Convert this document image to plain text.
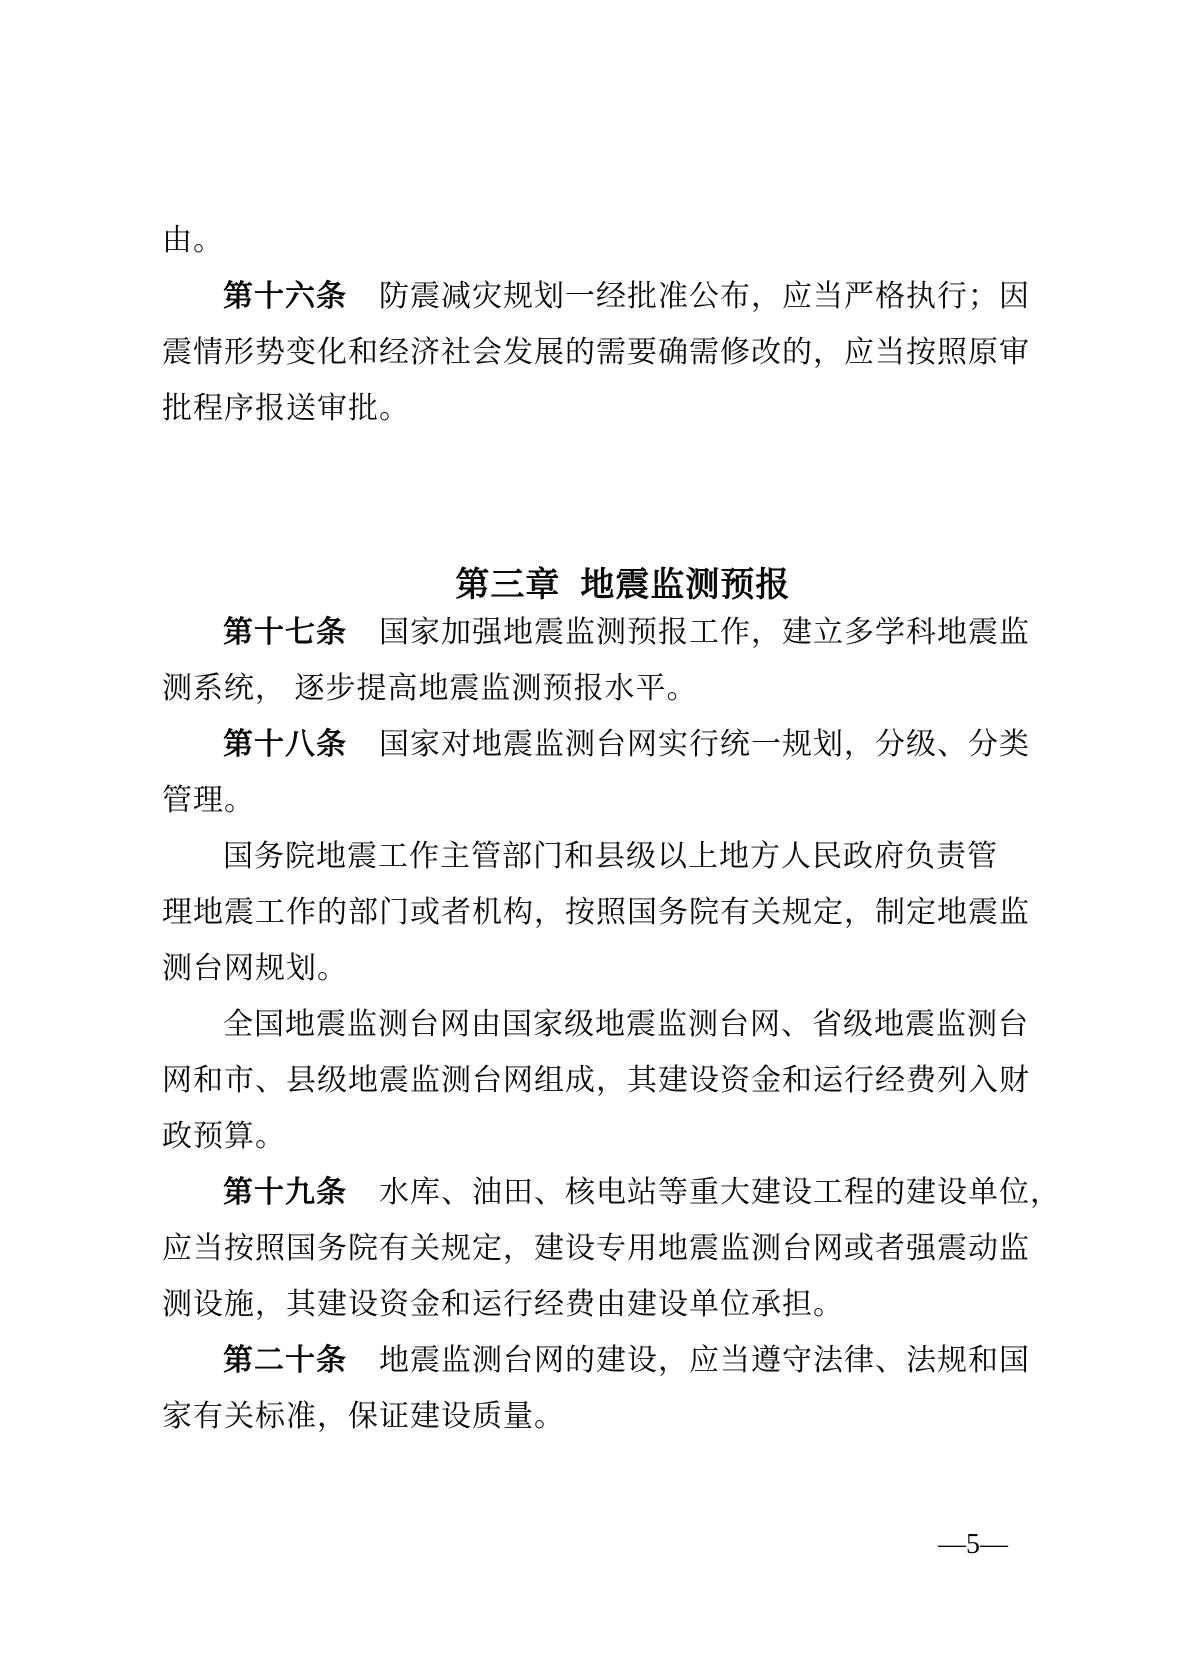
由。
第十六条 防震减灾规划一经批准公布，应当严格执行；因
震情形势变化和经济社会发展的需要确需修改的，应当按照原审
批程序报送审批。

第三章 地震监测预报

第十七条 国家加强地震监测预报工作，建立多学科地震监
测系统， 逐步提高地震监测预报水平。
第十八条 国家对地震监测台网实行统一规划，分级、分类
管理。
国务院地震工作主管部门和县级以上地方人民政府负责管
理地震工作的部门或者机构，按照国务院有关规定，制定地震监
测台网规划。
全国地震监测台网由国家级地震监测台网、省级地震监测台
网和市、县级地震监测台网组成，其建设资金和运行经费列入财
政预算。
第十九条 水库、油田、核电站等重大建设工程的建设单位，
应当按照国务院有关规定，建设专用地震监测台网或者强震动监
测设施，其建设资金和运行经费由建设单位承担。
第二十条 地震监测台网的建设，应当遵守法律、法规和国
家有关标准，保证建设质量。
—5—
